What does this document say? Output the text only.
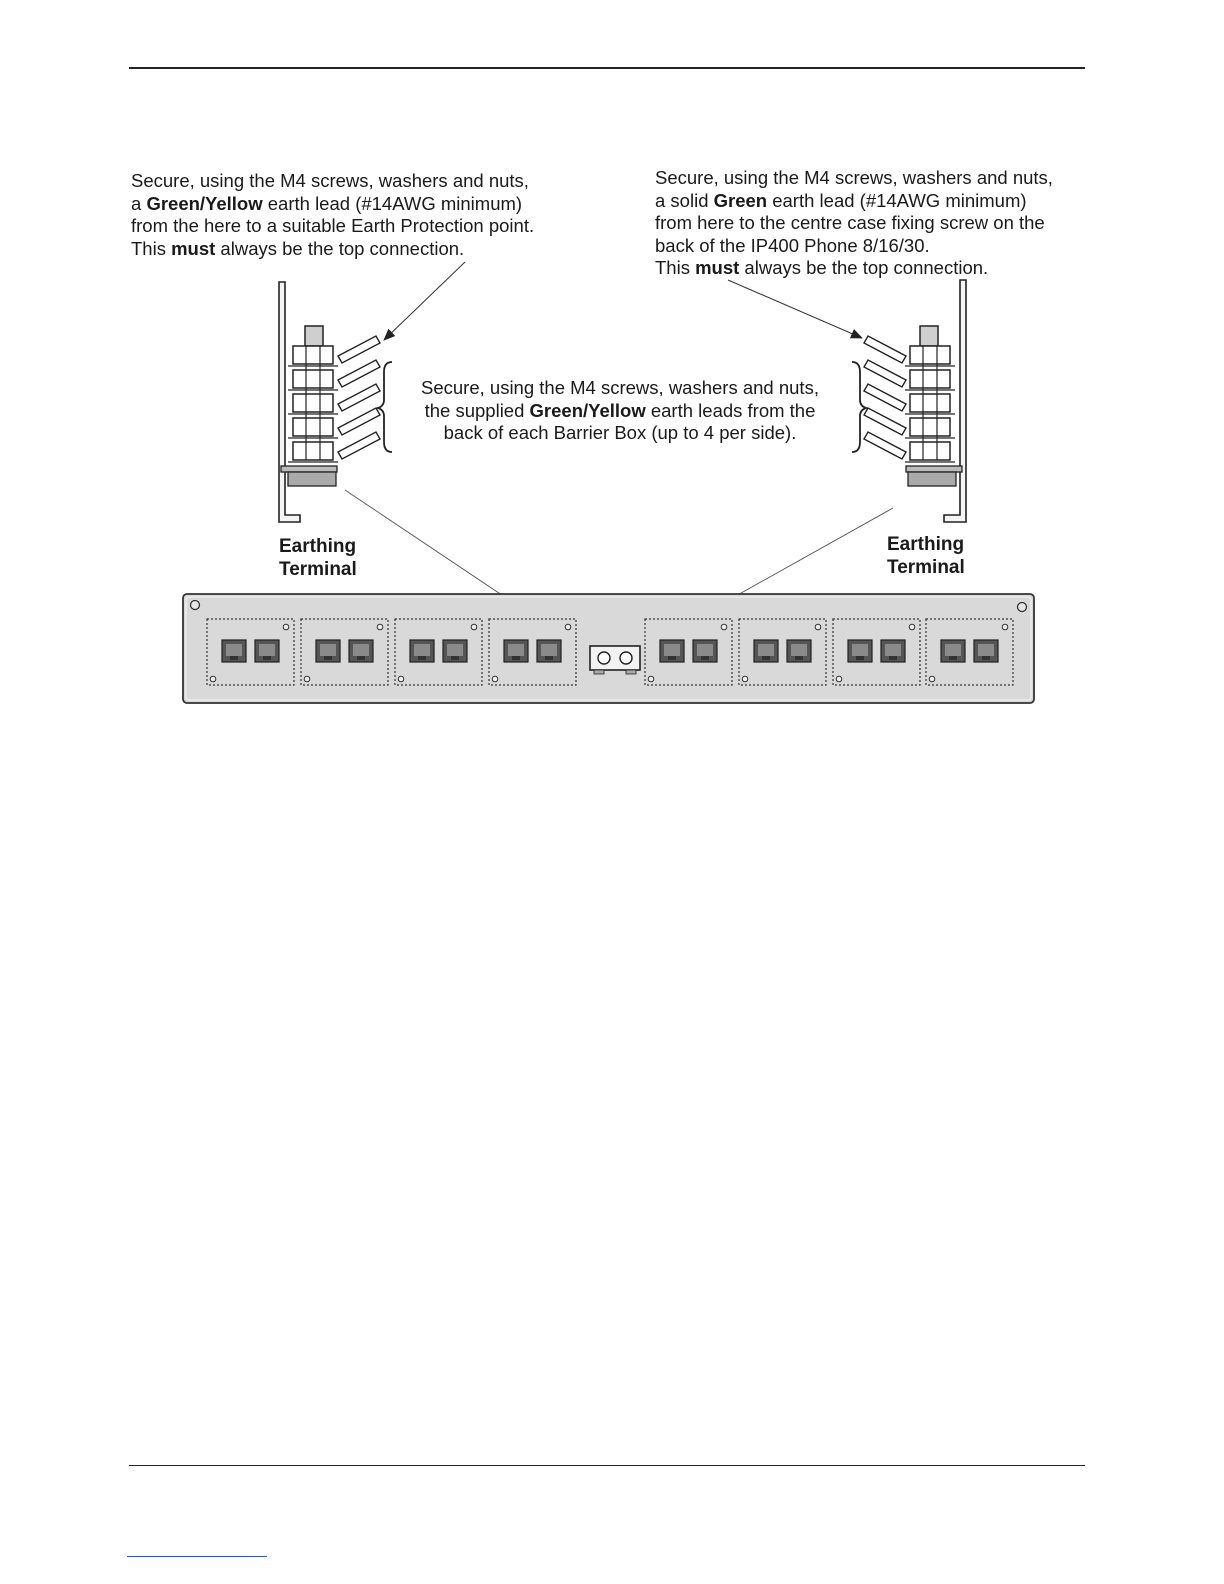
Secure, using the M4 screws, washers and nuts,
a Green/Yellow earth lead (#14AWG minimum)
from the here to a suitable Earth Protection point.
This must always be the top connection.
Secure, using the M4 screws, washers and nuts,
a solid Green earth lead (#14AWG minimum)
from here to the centre case fixing screw on the
back of the IP400 Phone 8/16/30.
This must always be the top connection.
Secure, using the M4 screws, washers and nuts,
the supplied Green/Yellow earth leads from the
back of each Barrier Box (up to 4 per side).
Earthing
Terminal
Earthing
Terminal
